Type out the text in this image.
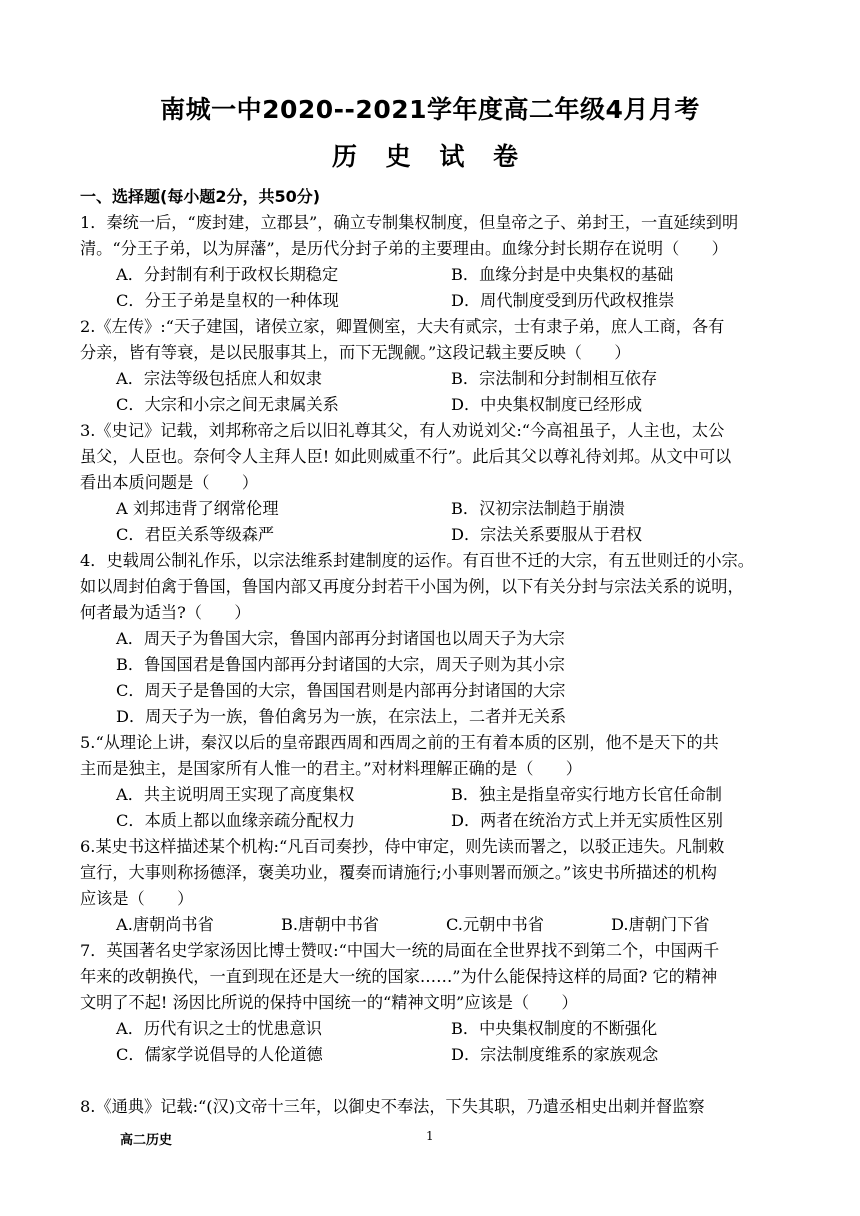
南城一中2020--2021学年度高二年级4月月考
历 史 试 卷
一、选择题(每小题2分，共50分)

1．秦统一后，“废封建，立郡县”，确立专制集权制度，但皇帝之子、弟封王，一直延续到明

清。“分王子弟，以为屏藩”，是历代分封子弟的主要理由。血缘分封长期存在说明（　　）

A．分封制有利于政权长期稳定	B．血缘分封是中央集权的基础
C．分王子弟是皇权的一种体现	D．周代制度受到历代政权推崇

2.《左传》:“天子建国，诸侯立家，卿置侧室，大夫有贰宗，士有隶子弟，庶人工商，各有

分亲，皆有等衰，是以民服事其上，而下无觊觎。”这段记载主要反映（　　）

A．宗法等级包括庶人和奴隶	B．宗法制和分封制相互依存
C．大宗和小宗之间无隶属关系	D．中央集权制度已经形成

3.《史记》记载，刘邦称帝之后以旧礼尊其父，有人劝说刘父:“今高祖虽子，人主也，太公

虽父，人臣也。奈何令人主拜人臣! 如此则威重不行”。此后其父以尊礼待刘邦。从文中可以

看出本质问题是（　　）

A 刘邦违背了纲常伦理	B．汉初宗法制趋于崩溃
C．君臣关系等级森严	D．宗法关系要服从于君权

4．史载周公制礼作乐，以宗法维系封建制度的运作。有百世不迁的大宗，有五世则迁的小宗。

如以周封伯禽于鲁国，鲁国内部又再度分封若干小国为例，以下有关分封与宗法关系的说明，

何者最为适当?（　　）

A．周天子为鲁国大宗，鲁国内部再分封诸国也以周天子为大宗
B．鲁国国君是鲁国内部再分封诸国的大宗，周天子则为其小宗
C．周天子是鲁国的大宗，鲁国国君则是内部再分封诸国的大宗
D．周天子为一族，鲁伯禽另为一族，在宗法上，二者并无关系

5.“从理论上讲，秦汉以后的皇帝跟西周和西周之前的王有着本质的区别，他不是天下的共

主而是独主，是国家所有人惟一的君主。”对材料理解正确的是（　　）

A．共主说明周王实现了高度集权	B．独主是指皇帝实行地方长官任命制
C．本质上都以血缘亲疏分配权力	D．两者在统治方式上并无实质性区别

6.某史书这样描述某个机构:“凡百司奏抄，侍中审定，则先读而署之，以驳正违失。凡制敕

宣行，大事则称扬德泽，褒美功业，覆奏而请施行;小事则署而颁之。”该史书所描述的机构

应该是（　　）

A.唐朝尚书省	B.唐朝中书省	C.元朝中书省	D.唐朝门下省

7．英国著名史学家汤因比博士赞叹:“中国大一统的局面在全世界找不到第二个，中国两千

年来的改朝换代，一直到现在还是大一统的国家……”为什么能保持这样的局面? 它的精神

文明了不起! 汤因比所说的保持中国统一的“精神文明”应该是（　　）

A．历代有识之士的忧患意识	B．中央集权制度的不断强化
C．儒家学说倡导的人伦道德	D．宗法制度维系的家族观念

8.《通典》记载:“(汉)文帝十三年，以御史不奉法，下失其职，乃遣丞相史出刺并督监察

高二历史	1
